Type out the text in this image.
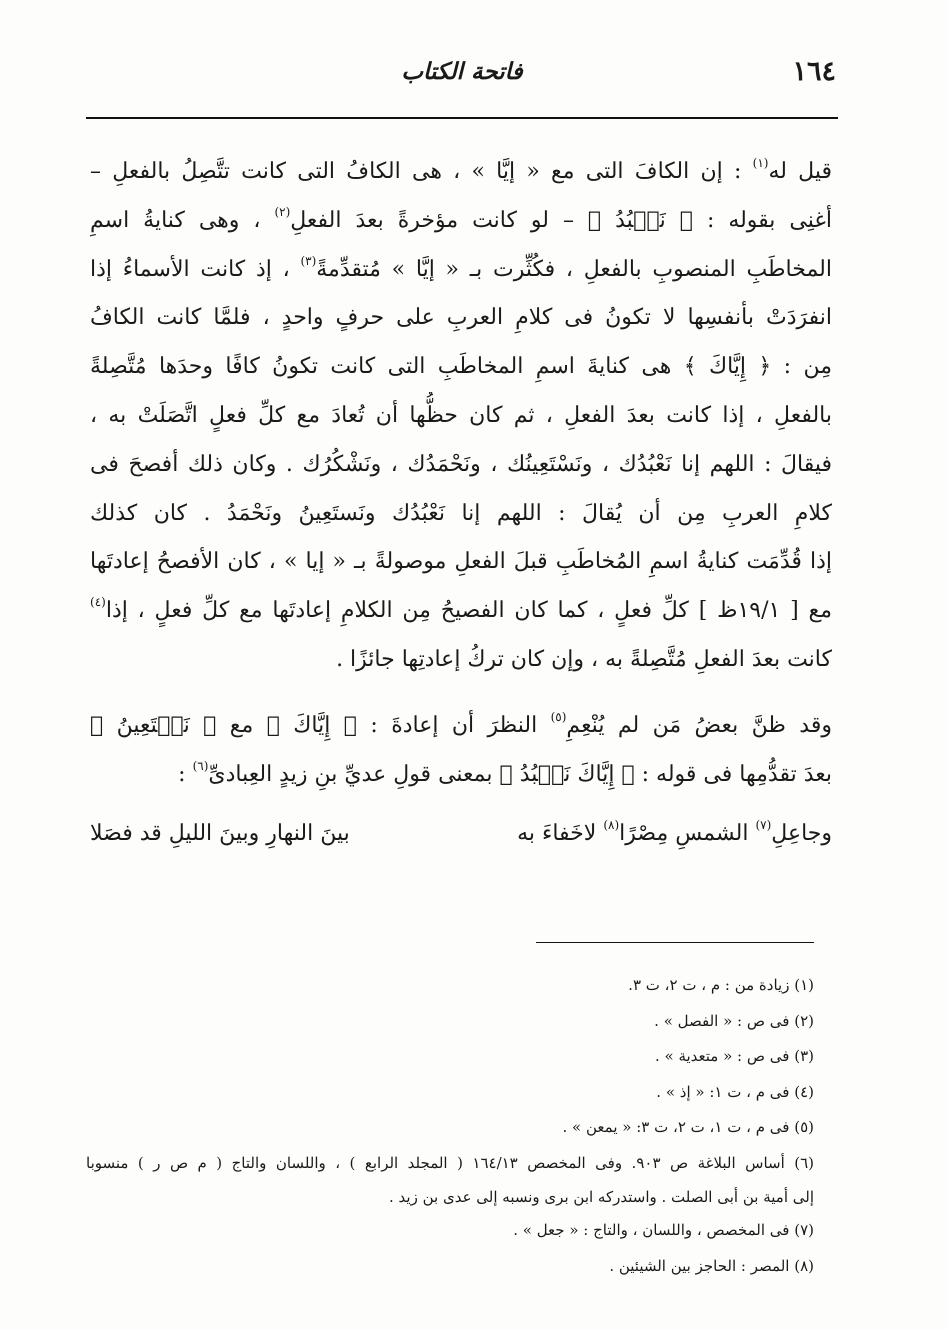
١٦٤
فاتحة الكتاب
قيل له$^{(١)}$ : إن الكافَ التى مع « إيَّا » ، هى الكافُ التى كانت تتَّصِلُ بالفعلِ –
أغنِى بقوله : ﴿ نَعۡبُدُ ﴾ – لو كانت مؤخرةً بعدَ الفعلِ$^{(٢)}$ ، وهى كنايةُ اسمِ
المخاطَبِ المنصوبِ بالفعلِ ، فكُثِّرت بـ « إيَّا » مُتقدِّمةً$^{(٣)}$ ، إذ كانت الأسماءُ إذا
انفرَدَتْ بأنفسِها لا تكونُ فى كلامِ العربِ على حرفٍ واحدٍ ، فلمَّا كانت الكافُ
مِن : ﴿ إِيَّاكَ ﴾ هى كنايةَ اسمِ المخاطَبِ التى كانت تكونُ كافًا وحدَها مُتَّصِلةً
بالفعلِ ، إذا كانت بعدَ الفعلِ ، ثم كان حظُّها أن تُعادَ مع كلِّ فعلٍ اتَّصَلَتْ به ،
فيقالَ : اللهم إنا نَعْبُدُك ، ونَسْتَعِينُك ، ونَحْمَدُك ، ونَشْكُرُك . وكان ذلك أفصحَ فى
كلامِ العربِ مِن أن يُقالَ : اللهم إنا نَعْبُدُك ونَستَعِينُ ونَحْمَدُ . كان كذلك
إذا قُدِّمَت كنايةُ اسمِ المُخاطَبِ قبلَ الفعلِ موصولةً بـ « إيا » ، كان الأفصحُ إعادتَها
مع [ ١٩/١ظ ] كلِّ فعلٍ ، كما كان الفصيحُ مِن الكلامِ إعادتَها مع كلِّ فعلٍ ، إذا$^{(٤)}$
كانت بعدَ الفعلِ مُتَّصِلةً به ، وإن كان تركُ إعادتِها جائزًا .
وقد ظنَّ بعضُ مَن لم يُنْعِمِ$^{(٥)}$ النظرَ أن إعادةَ : ﴿ إِيَّاكَ ﴾ مع ﴿ نَسۡتَعِينُ ﴾
بعدَ تقدُّمِها فى قوله : ﴿ إِيَّاكَ نَعۡبُدُ ﴾ بمعنى قولِ عديِّ بنِ زيدٍ العِبادىِّ$^{(٦)}$ :
وجاعِلِ$^{(٧)}$ الشمسِ مِصْرًا$^{(٨)}$ لاخَفاءَ به
بينَ النهارِ وبينَ الليلِ قد فصَلا
(١) زيادة من : م ، ت ٢، ت ٣.
(٢) فى ص : « الفصل » .
(٣) فى ص : « متعدية » .
(٤) فى م ، ت ١: « إذ » .
(٥) فى م ، ت ١، ت ٢، ت ٣: « يمعن » .
(٦) أساس البلاغة ص ٩٠٣. وفى المخصص ١٦٤/١٣ ( المجلد الرابع ) ، واللسان والتاج ( م ص ر ) منسوبا
إلى أمية بن أبى الصلت . واستدركه ابن برى ونسبه إلى عدى بن زيد .
(٧) فى المخصص ، واللسان ، والتاج : « جعل » .
(٨) المصر : الحاجز بين الشيئين .
